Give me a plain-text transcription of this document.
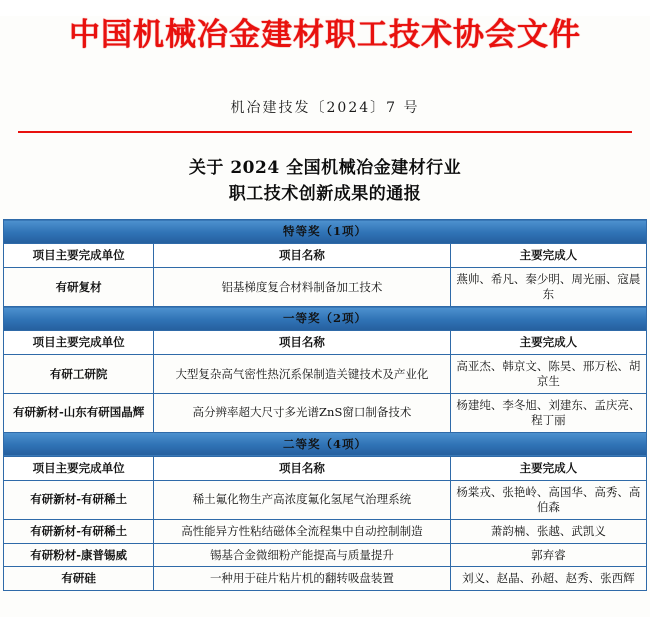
中国机械冶金建材职工技术协会文件
机冶建技发〔2024〕7 号
关于 2024 全国机械冶金建材行业
职工技术创新成果的通报
特等奖（1项）		
项目主要完成单位	项目名称	主要完成人
有研复材	铝基梯度复合材料制备加工技术	燕帅、希凡、秦少明、周光丽、寇晨东
一等奖（2项）		
项目主要完成单位	项目名称	主要完成人
有研工研院	大型复杂高气密性热沉系保制造关键技术及产业化	高亚杰、韩京文、陈昊、邢万松、胡京生
有研新材-山东有研国晶辉	高分辨率超大尺寸多光谱ZnS窗口制备技术	杨建纯、李冬旭、刘建东、孟庆亮、程丁丽
二等奖（4项）		
项目主要完成单位	项目名称	主要完成人
有研新材-有研稀土	稀土氟化物生产高浓度氟化氢尾气治理系统	杨棠戎、张艳岭、高国华、高秀、高伯森
有研新材-有研稀土	高性能异方性粘结磁体全流程集中自动控制制造	萧韵楠、张越、武凯义
有研粉材-康普锡威	锡基合金微细粉产能提高与质量提升	郭弃睿
有研硅	一种用于硅片粘片机的翻转吸盘装置	刘义、赵晶、孙超、赵秀、张西辉
